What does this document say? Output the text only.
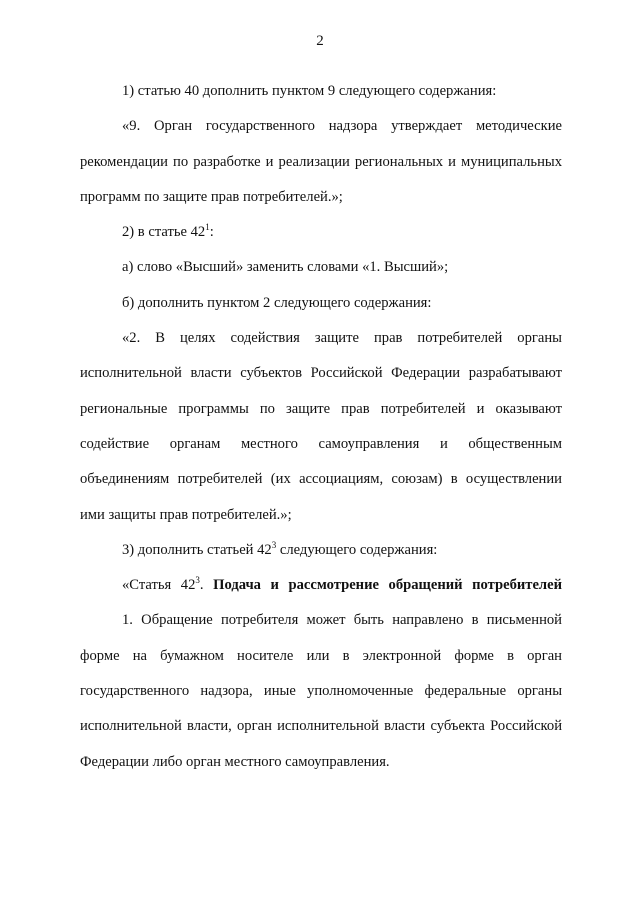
2

1) статью 40 дополнить пунктом 9 следующего содержания:

«9. Орган государственного надзора утверждает методические рекомендации по разработке и реализации региональных и муниципальных программ по защите прав потребителей.»;

2) в статье $42^1$:

а) слово «Высший» заменить словами «1. Высший»;

б) дополнить пунктом 2 следующего содержания:

«2. В целях содействия защите прав потребителей органы исполнительной власти субъектов Российской Федерации разрабатывают региональные программы по защите прав потребителей и оказывают содействие органам местного самоуправления и общественным объединениям потребителей (их ассоциациям, союзам) в осуществлении ими защиты прав потребителей.»;

3) дополнить статьей $42^3$ следующего содержания:

«Статья $42^3$. Подача и рассмотрение обращений потребителей

1. Обращение потребителя может быть направлено в письменной форме на бумажном носителе или в электронной форме в орган государственного надзора, иные уполномоченные федеральные органы исполнительной власти, орган исполнительной власти субъекта Российской Федерации либо орган местного самоуправления.
